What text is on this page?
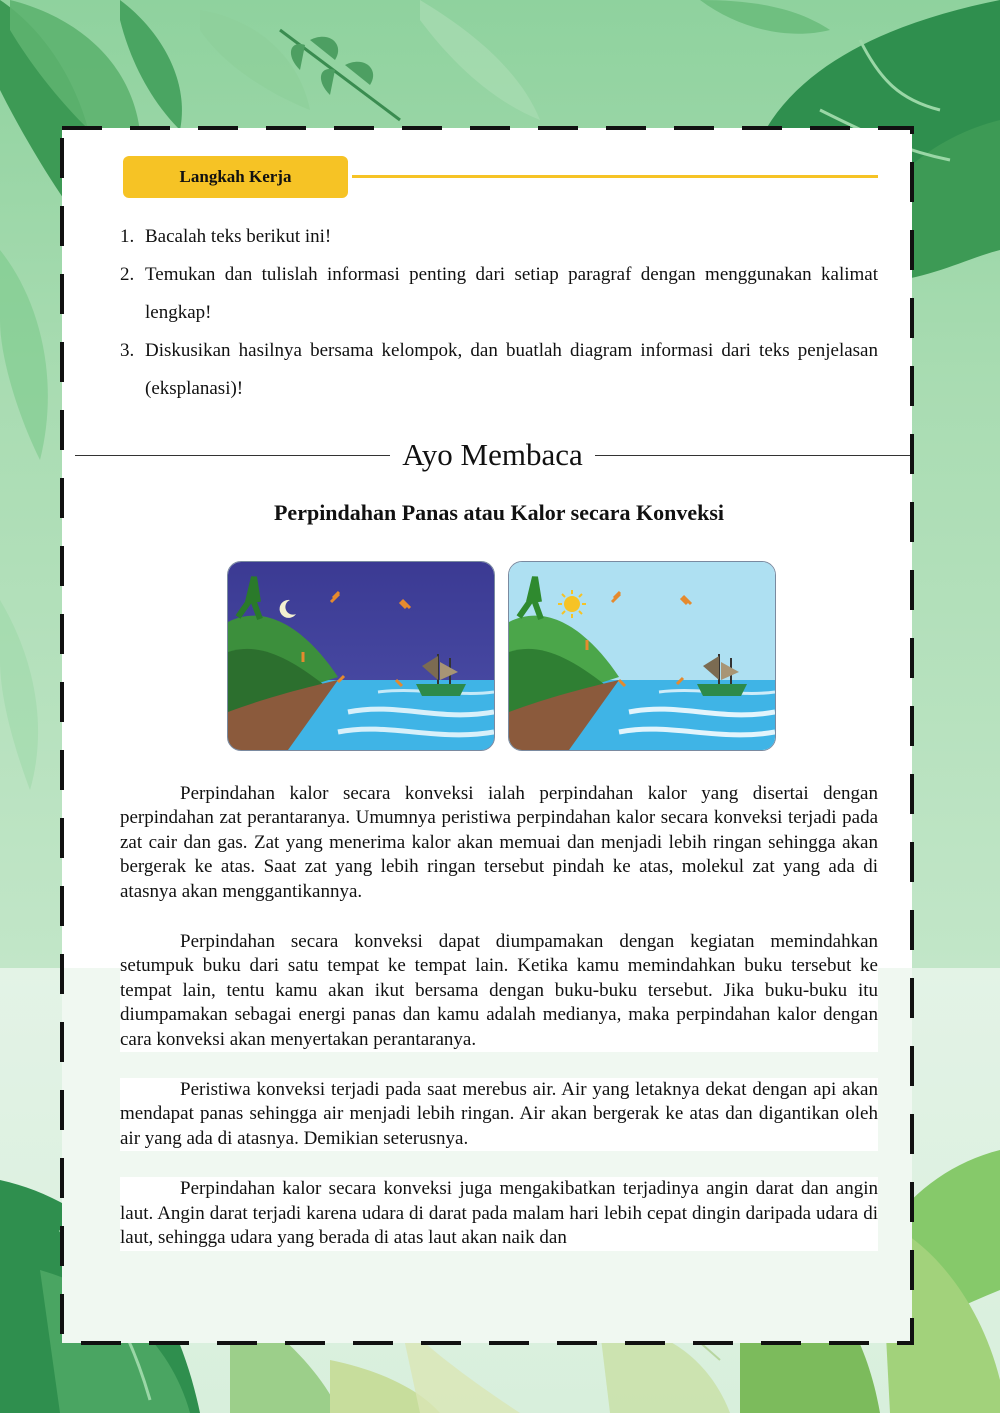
Langkah Kerja
1. Bacalah teks berikut ini!
2. Temukan dan tulislah informasi penting dari setiap paragraf dengan menggunakan kalimat lengkap!
3. Diskusikan hasilnya bersama kelompok, dan buatlah diagram informasi dari teks penjelasan (eksplanasi)!
Ayo Membaca
Perpindahan Panas atau Kalor secara Konveksi

Perpindahan kalor secara konveksi ialah perpindahan kalor yang disertai dengan perpindahan zat perantaranya. Umumnya peristiwa perpindahan kalor secara konveksi terjadi pada zat cair dan gas. Zat yang menerima kalor akan memuai dan menjadi lebih ringan sehingga akan bergerak ke atas. Saat zat yang lebih ringan tersebut pindah ke atas, molekul zat yang ada di atasnya akan menggantikannya.

Perpindahan secara konveksi dapat diumpamakan dengan kegiatan memindahkan setumpuk buku dari satu tempat ke tempat lain. Ketika kamu memindahkan buku tersebut ke tempat lain, tentu kamu akan ikut bersama dengan buku-buku tersebut. Jika buku-buku itu diumpamakan sebagai energi panas dan kamu adalah medianya, maka perpindahan kalor dengan cara konveksi akan menyertakan perantaranya.

Peristiwa konveksi terjadi pada saat merebus air. Air yang letaknya dekat dengan api akan mendapat panas sehingga air menjadi lebih ringan. Air akan bergerak ke atas dan digantikan oleh air yang ada di atasnya. Demikian seterusnya.

Perpindahan kalor secara konveksi juga mengakibatkan terjadinya angin darat dan angin laut. Angin darat terjadi karena udara di darat pada malam hari lebih cepat dingin daripada udara di laut, sehingga udara yang berada di atas laut akan naik dan
